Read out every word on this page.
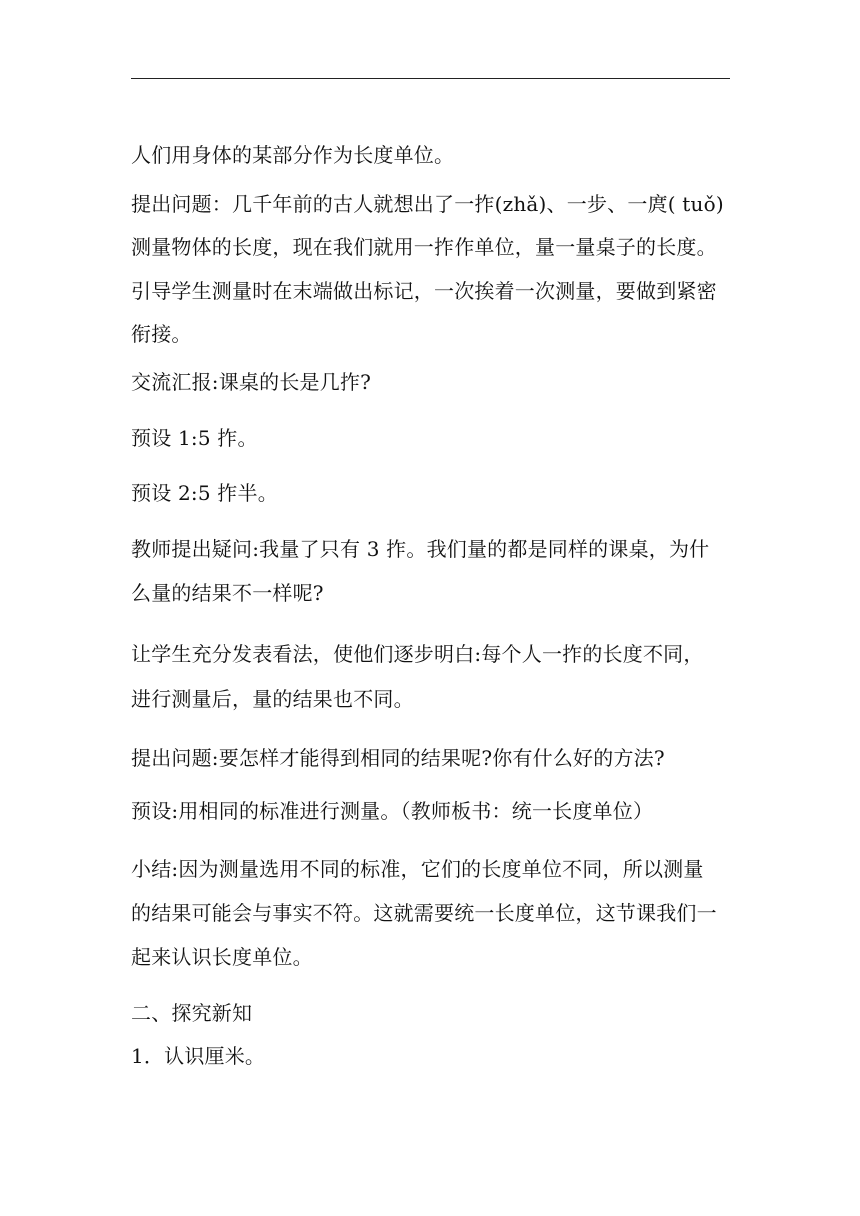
人们用身体的某部分作为长度单位。
提出问题：几千年前的古人就想出了一拃(zhǎ)、一步、一庹( tuǒ)
测量物体的长度，现在我们就用一拃作单位，量一量桌子的长度。
引导学生测量时在末端做出标记，一次挨着一次测量，要做到紧密
衔接。
交流汇报:课桌的长是几拃?
预设 1:5 拃。
预设 2:5 拃半。
教师提出疑问:我量了只有 3 拃。我们量的都是同样的课桌，为什
么量的结果不一样呢?
让学生充分发表看法，使他们逐步明白:每个人一拃的长度不同，
进行测量后，量的结果也不同。
提出问题:要怎样才能得到相同的结果呢?你有什么好的方法?
预设:用相同的标准进行测量。（教师板书：统一长度单位）
小结:因为测量选用不同的标准，它们的长度单位不同，所以测量
的结果可能会与事实不符。这就需要统一长度单位，这节课我们一
起来认识长度单位。
二、探究新知
1．认识厘米。
